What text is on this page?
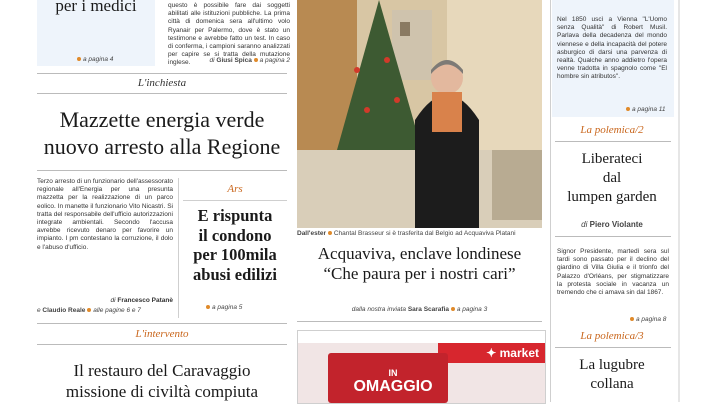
per i medici
a pagina 4
L'inchiesta
Mazzette energia verde
nuovo arresto alla Regione
Terzo arresto di un funzionario dell'assessorato regionale all'Energia per una presunta mazzetta per la realizzazione di un parco eolico. In manette il funzionario Vito Nicastri. Si tratta del responsabile dell'ufficio autorizzazioni integrate ambientali. Secondo l'accusa avrebbe ricevuto denaro per favorire un impianto. I pm contestano la corruzione, il dolo e l'abuso d'ufficio.
di Francesco Patanè
e Claudio Reale alle pagine 6 e 7
L'intervento
Il restauro del Caravaggio
missione di civiltà compiuta
questo è possibile fare dai soggetti abilitati alle istituzioni pubbliche. La prima città di domenica sera all'ultimo volo Ryanair per Palermo, dove è stato un testimone e avrebbe fatto un test. In caso di conferma, i campioni saranno analizzati per capire se si tratta della mutazione inglese.	di Giusi Spica a pagina 2
Ars
E rispunta
il condono
per 100mila
abusi edilizi
a pagina 5
Dall'ester Chantal Brasseur si è trasferita dal Belgio ad Acquaviva Platani
Acquaviva, enclave londinese
“Che paura per i nostri cari”
dalla nostra inviata Sara Scarafia a pagina 3
✦ market
IN
OMAGGIO
Nel 1850 uscì a Vienna "L'Uomo senza Qualità" di Robert Musil. Parlava della decadenza del mondo viennese e della incapacità del potere asburgico di darsi una parvenza di realtà. Qualche anno addietro l'opera venne tradotta in spagnolo come "El hombre sin atributos".
a pagina 11
La polemica/2
Liberateci
dal
lumpen garden
di Piero Violante
Signor Presidente, martedì sera sul tardi sono passato per il declino del giardino di Villa Giulia e il trionfo del Palazzo d'Orléans, per stigmatizzare la protesta sociale in vacanza un tremendo che ci amava sin dal 1867.
a pagina 8
La polemica/3
La lugubre
collana
